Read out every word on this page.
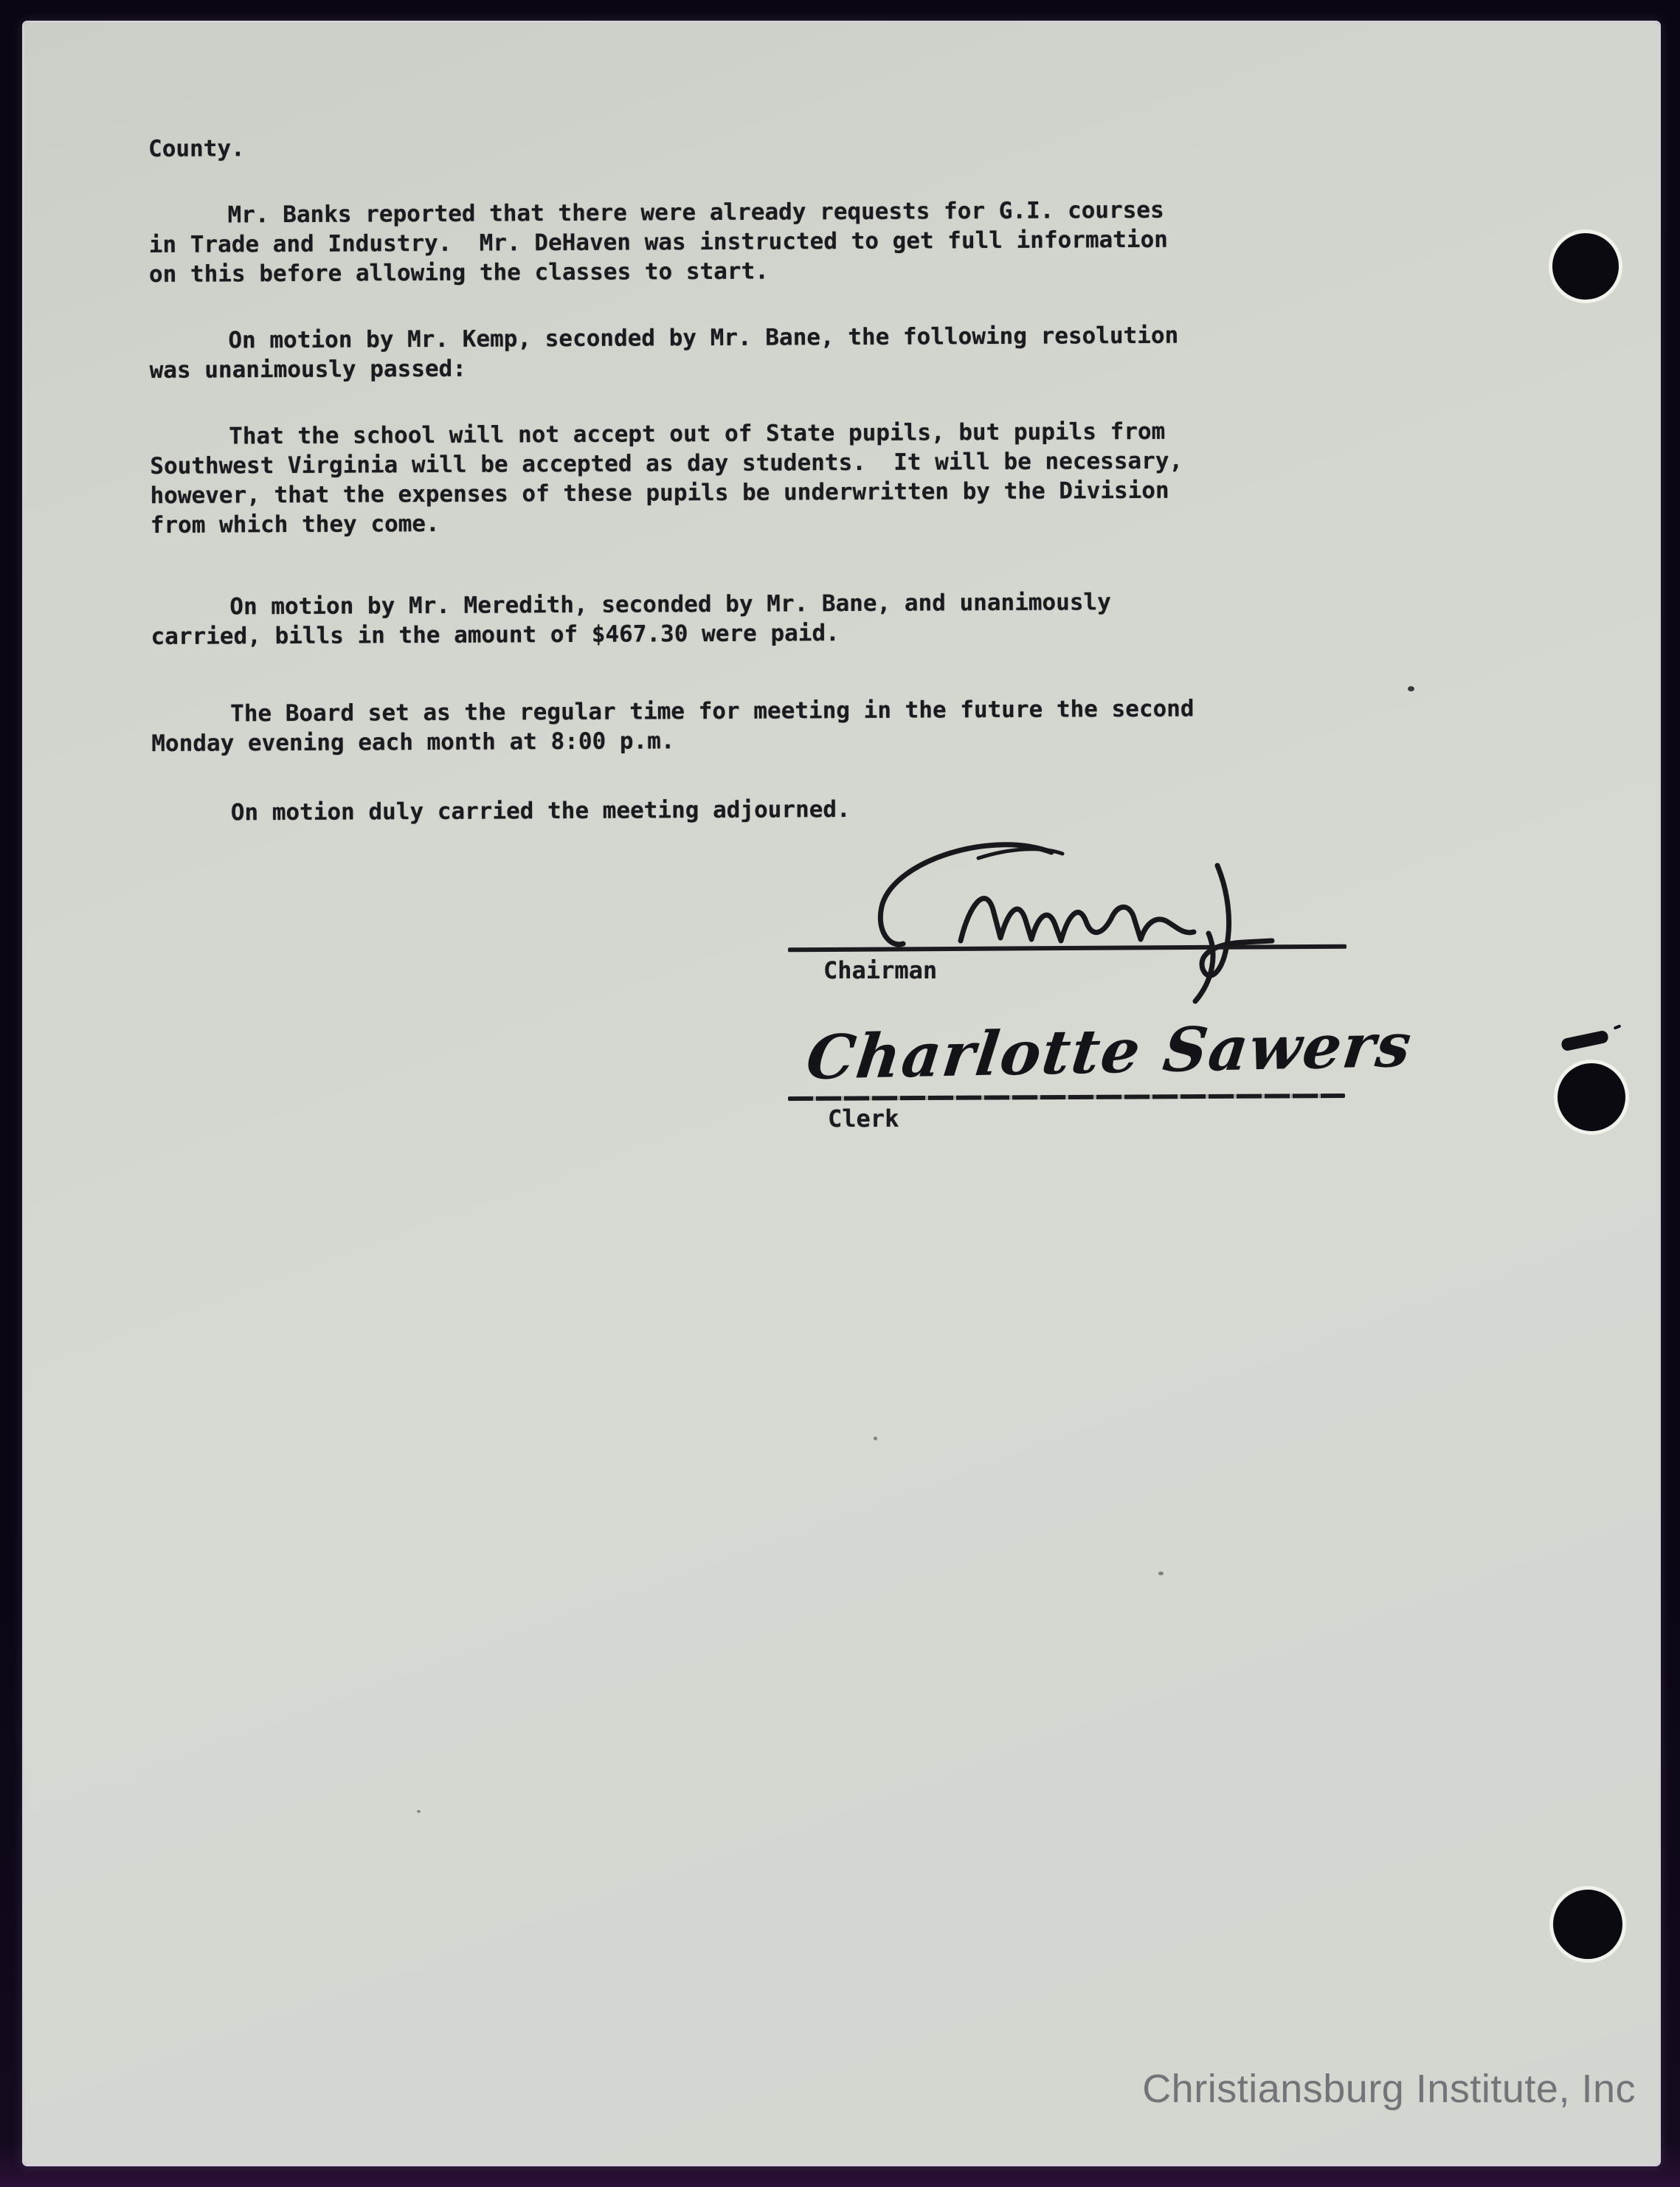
County.
Mr. Banks reported that there were already requests for G.I. courses
in Trade and Industry.  Mr. DeHaven was instructed to get full information
on this before allowing the classes to start.
On motion by Mr. Kemp, seconded by Mr. Bane, the following resolution
was unanimously passed:
That the school will not accept out of State pupils, but pupils from
Southwest Virginia will be accepted as day students.  It will be necessary,
however, that the expenses of these pupils be underwritten by the Division
from which they come.
On motion by Mr. Meredith, seconded by Mr. Bane, and unanimously
carried, bills in the amount of $467.30 were paid.
The Board set as the regular time for meeting in the future the second
Monday evening each month at 8:00 p.m.
On motion duly carried the meeting adjourned.
Chairman
Charlotte Sawers
Clerk
Christiansburg Institute, Inc
